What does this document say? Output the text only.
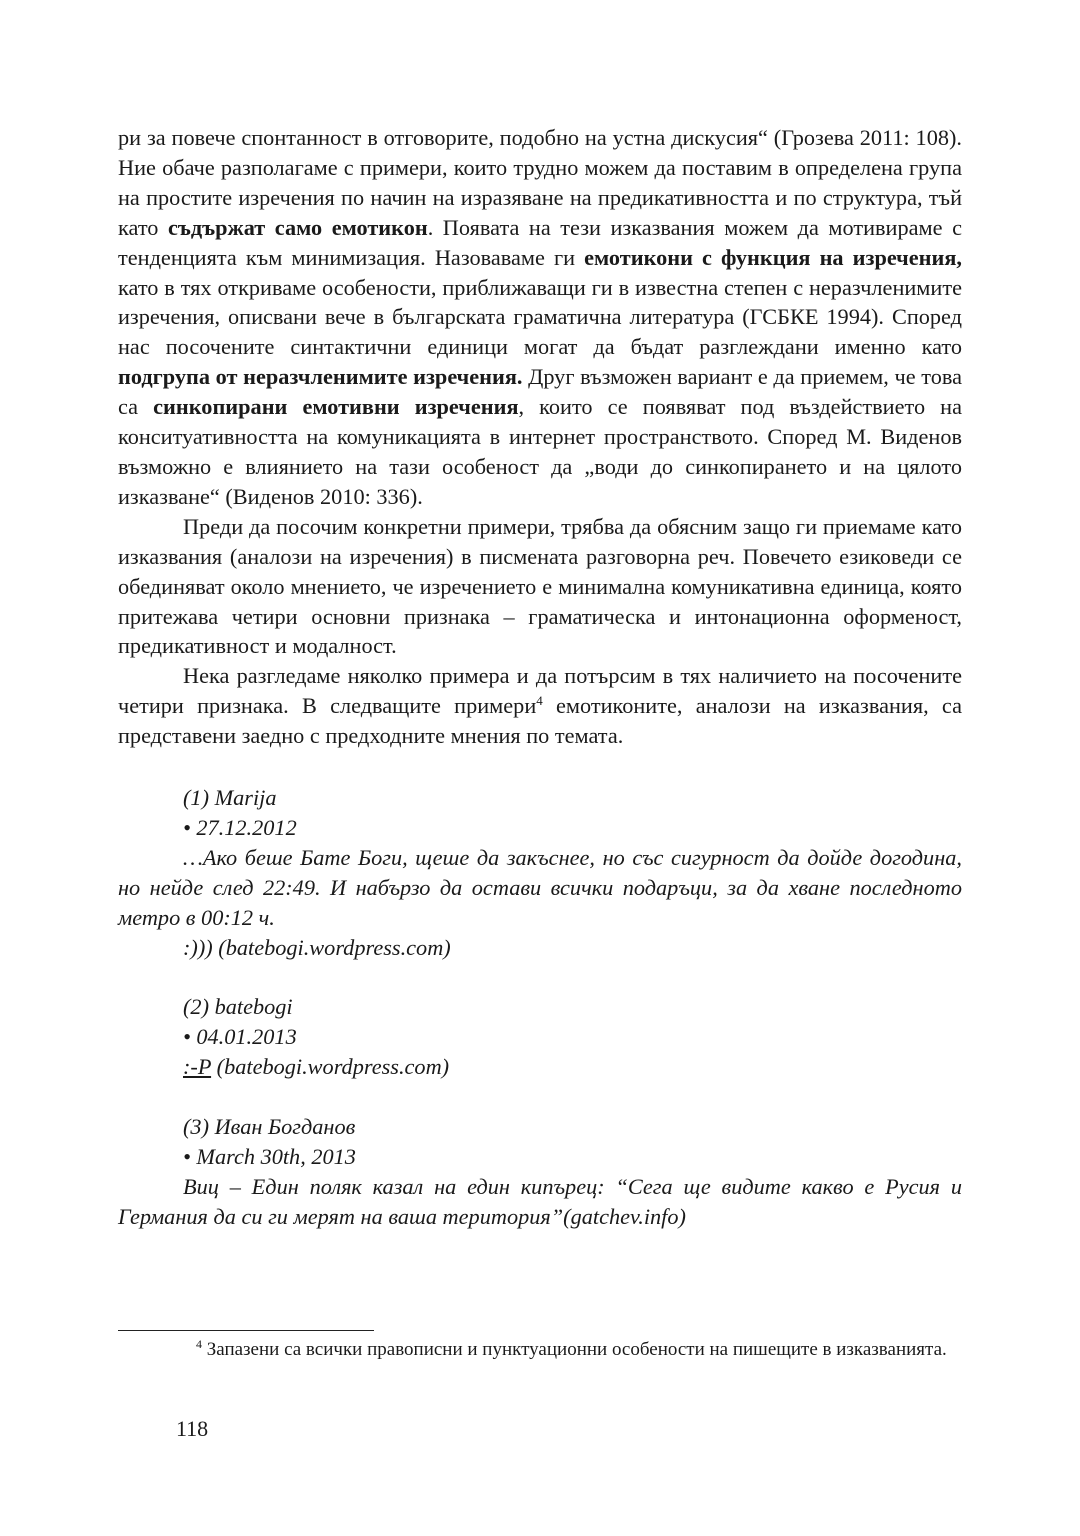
ри за повече спонтанност в отговорите, подобно на устна дискусия“ (Грозева 2011: 108). Ние обаче разполагаме с примери, които трудно можем да поставим в определена група на простите изречения по начин на изразяване на предикативността и по структура, тъй като съдържат само емотикон. Появата на тези изказвания можем да мотивираме с тенденцията към минимизация. Назоваваме ги емотикони с функция на изречения, като в тях откриваме особености, приближаващи ги в известна степен с неразчленимите изречения, описвани вече в българската граматична литература (ГСБКЕ 1994). Според нас посочените синтактични единици могат да бъдат разглеждани именно като подгрупа от неразчленимите изречения. Друг възможен вариант е да приемем, че това са синкопирани емотивни изречения, които се появяват под въздействието на конситуативността на комуникацията в интернет пространството. Според М. Виденов възможно е влиянието на тази особеност да „води до синкопирането и на цялото изказване“ (Виденов 2010: 336).

Преди да посочим конкретни примери, трябва да обясним защо ги приемаме като изказвания (аналози на изречения) в писмената разговорна реч. Повечето езиковеди се обединяват около мнението, че изречението е минимална комуникативна единица, която притежава четири основни признака – граматическа и интонационна оформеност, предикативност и модалност.

Нека разгледаме няколко примера и да потърсим в тях наличието на посочените четири признака. В следващите примери$^4$ емотиконите, аналози на изказвания, са представени заедно с предходните мнения по темата.

(1) Marija

• 27.12.2012

…Ако беше Бате Боги, щеше да закъснее, но със сигурност да дойде догодина, но нейде след 22:49. И набързо да остави всички подаръци, за да хване последното метро в 00:12 ч.

:))) (batebogi.wordpress.com)

(2) batebogi

• 04.01.2013

:-P (batebogi.wordpress.com)

(3) Иван Богданов

• March 30th, 2013

Виц – Един поляк казал на един кипърец: “Сега ще видите какво е Русия и Германия да си ги мерят на ваша територия”(gatchev.info)

$^4$ Запазени са всички правописни и пунктуационни особености на пишещите в изказванията.

118
